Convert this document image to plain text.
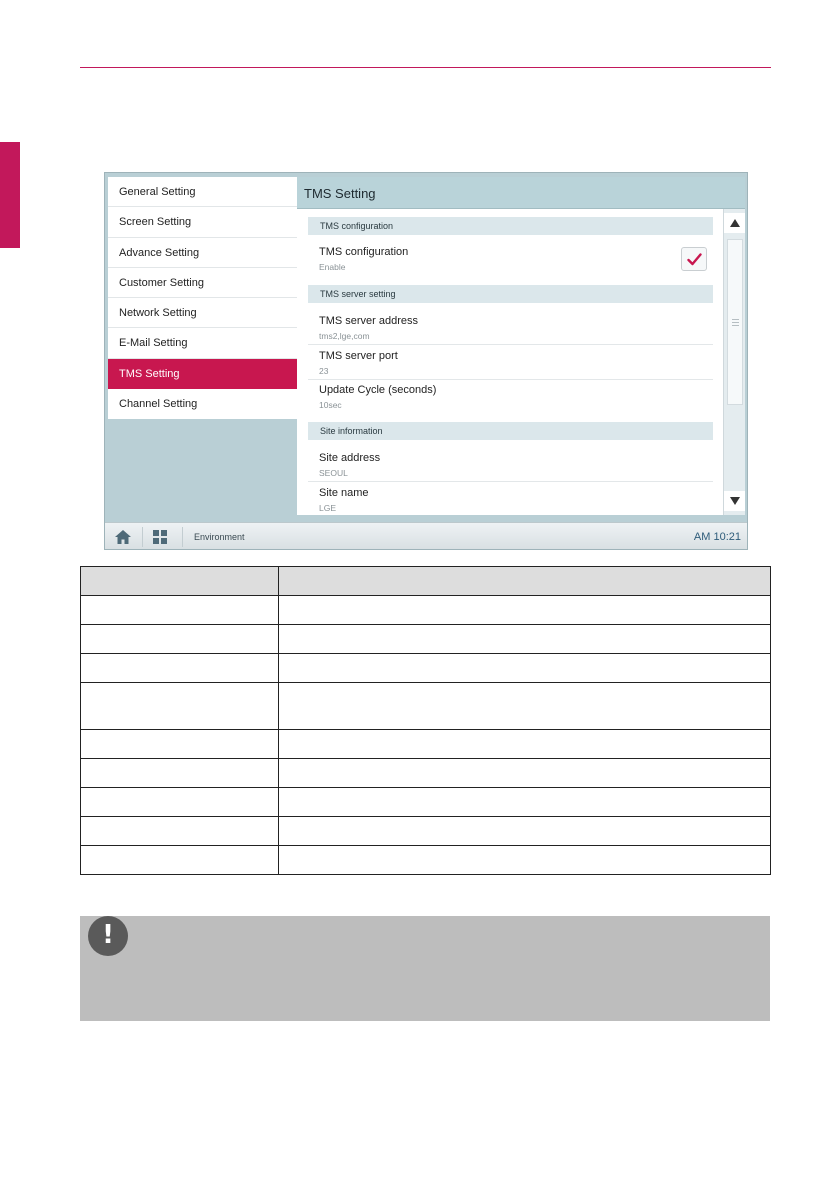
General Setting
Screen Setting
Advance Setting
Customer Setting
Network Setting
E-Mail Setting
TMS Setting
Channel Setting
TMS Setting
TMS configuration
TMS configuration
Enable
TMS server setting
TMS server address
tms2,lge,com
TMS server port
23
Update Cycle (seconds)
10sec
Site information
Site address
SEOUL
Site name
LGE
Environment	AM 10:21

!
